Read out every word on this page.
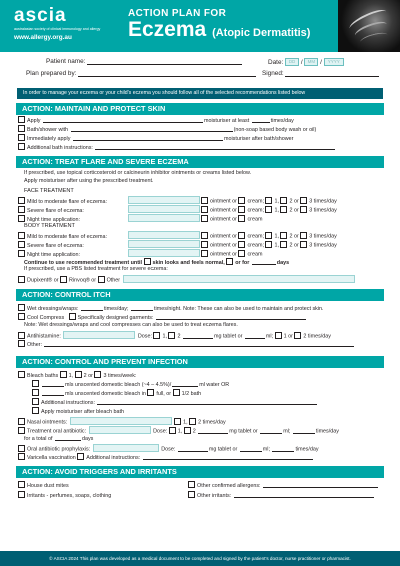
ascia
australasian society of clinical immunology and allergy
www.allergy.org.au
ACTION PLAN FOR
Eczema (Atopic Dermatitis)
Patient name:	Date: DD / MM / YYYY
Plan prepared by:	Signed:
In order to manage your eczema or your child's eczema you should follow all of the selected recommendations listed below
ACTION: MAINTAIN AND PROTECT SKIN
Apply	moisturiser at least	times/day
Bath/shower with	(non-soap based body wash or oil)
Immediately apply	moisturiser after bath/shower
Additional bath instructions:
ACTION: TREAT FLARE AND SEVERE ECZEMA
If prescribed, use topical corticosteroid or calcineurin inhibitor ointments or creams listed below.
Apply moisturiser after using the prescribed treatment.
FACE TREATMENT
Mild to moderate flare of eczema:	ointment or cream; 1, 2 or 3 times/day
Severe flare of eczema:	ointment or cream; 1, 2 or 3 times/day
Night time application:	ointment or cream
BODY TREATMENT
Mild to moderate flare of eczema:	ointment or cream; 1, 2 or 3 times/day
Severe flare of eczema:	ointment or cream; 1, 2 or 3 times/day
Night time application:	ointment or cream
Continue to use recommended treatment until skin looks and feels normal, or for	days
If prescribed, use a PBS listed treatment for severe eczema:
Dupixent® or Rinvoq® or Other
ACTION: CONTROL ITCH
Wet dressings/wraps:	times/day;	times/night. Note: These can also be used to maintain and protect skin.
Cool Compress	Specifically designed garments:
Note: Wet dressings/wraps and cool compresses can also be used to treat eczema flares.
Antihistamine:	Dose: 1, 2	mg tablet or	ml; 1 or 2 times/day
Other:
ACTION: CONTROL AND PREVENT INFECTION
Bleach baths 1, 2 or 3 times/week:
mls unscented domestic bleach (~4 – 4.5%)/	ml water OR
mls unscented domestic bleach in full, or 1/2 bath
Additional instructions:
Apply moisturiser after bleach bath
Nasal ointments:	1, 2 times/day
Treatment oral antibiotic:	Dose: 1, 2	mg tablet or	ml;	times/day
for a total of	days
Oral antibiotic prophylaxis:	Dose:	mg tablet or	ml;	times/day
Varicella vaccination Additional instructions:
ACTION: AVOID TRIGGERS AND IRRITANTS
House dust mites	Other confirmed allergens:
Irritants - perfumes, soaps, clothing	Other irritants:
© ASCIA 2024 This plan was developed as a medical document to be completed and signed by the patient's doctor, nurse practitioner or pharmacist.
